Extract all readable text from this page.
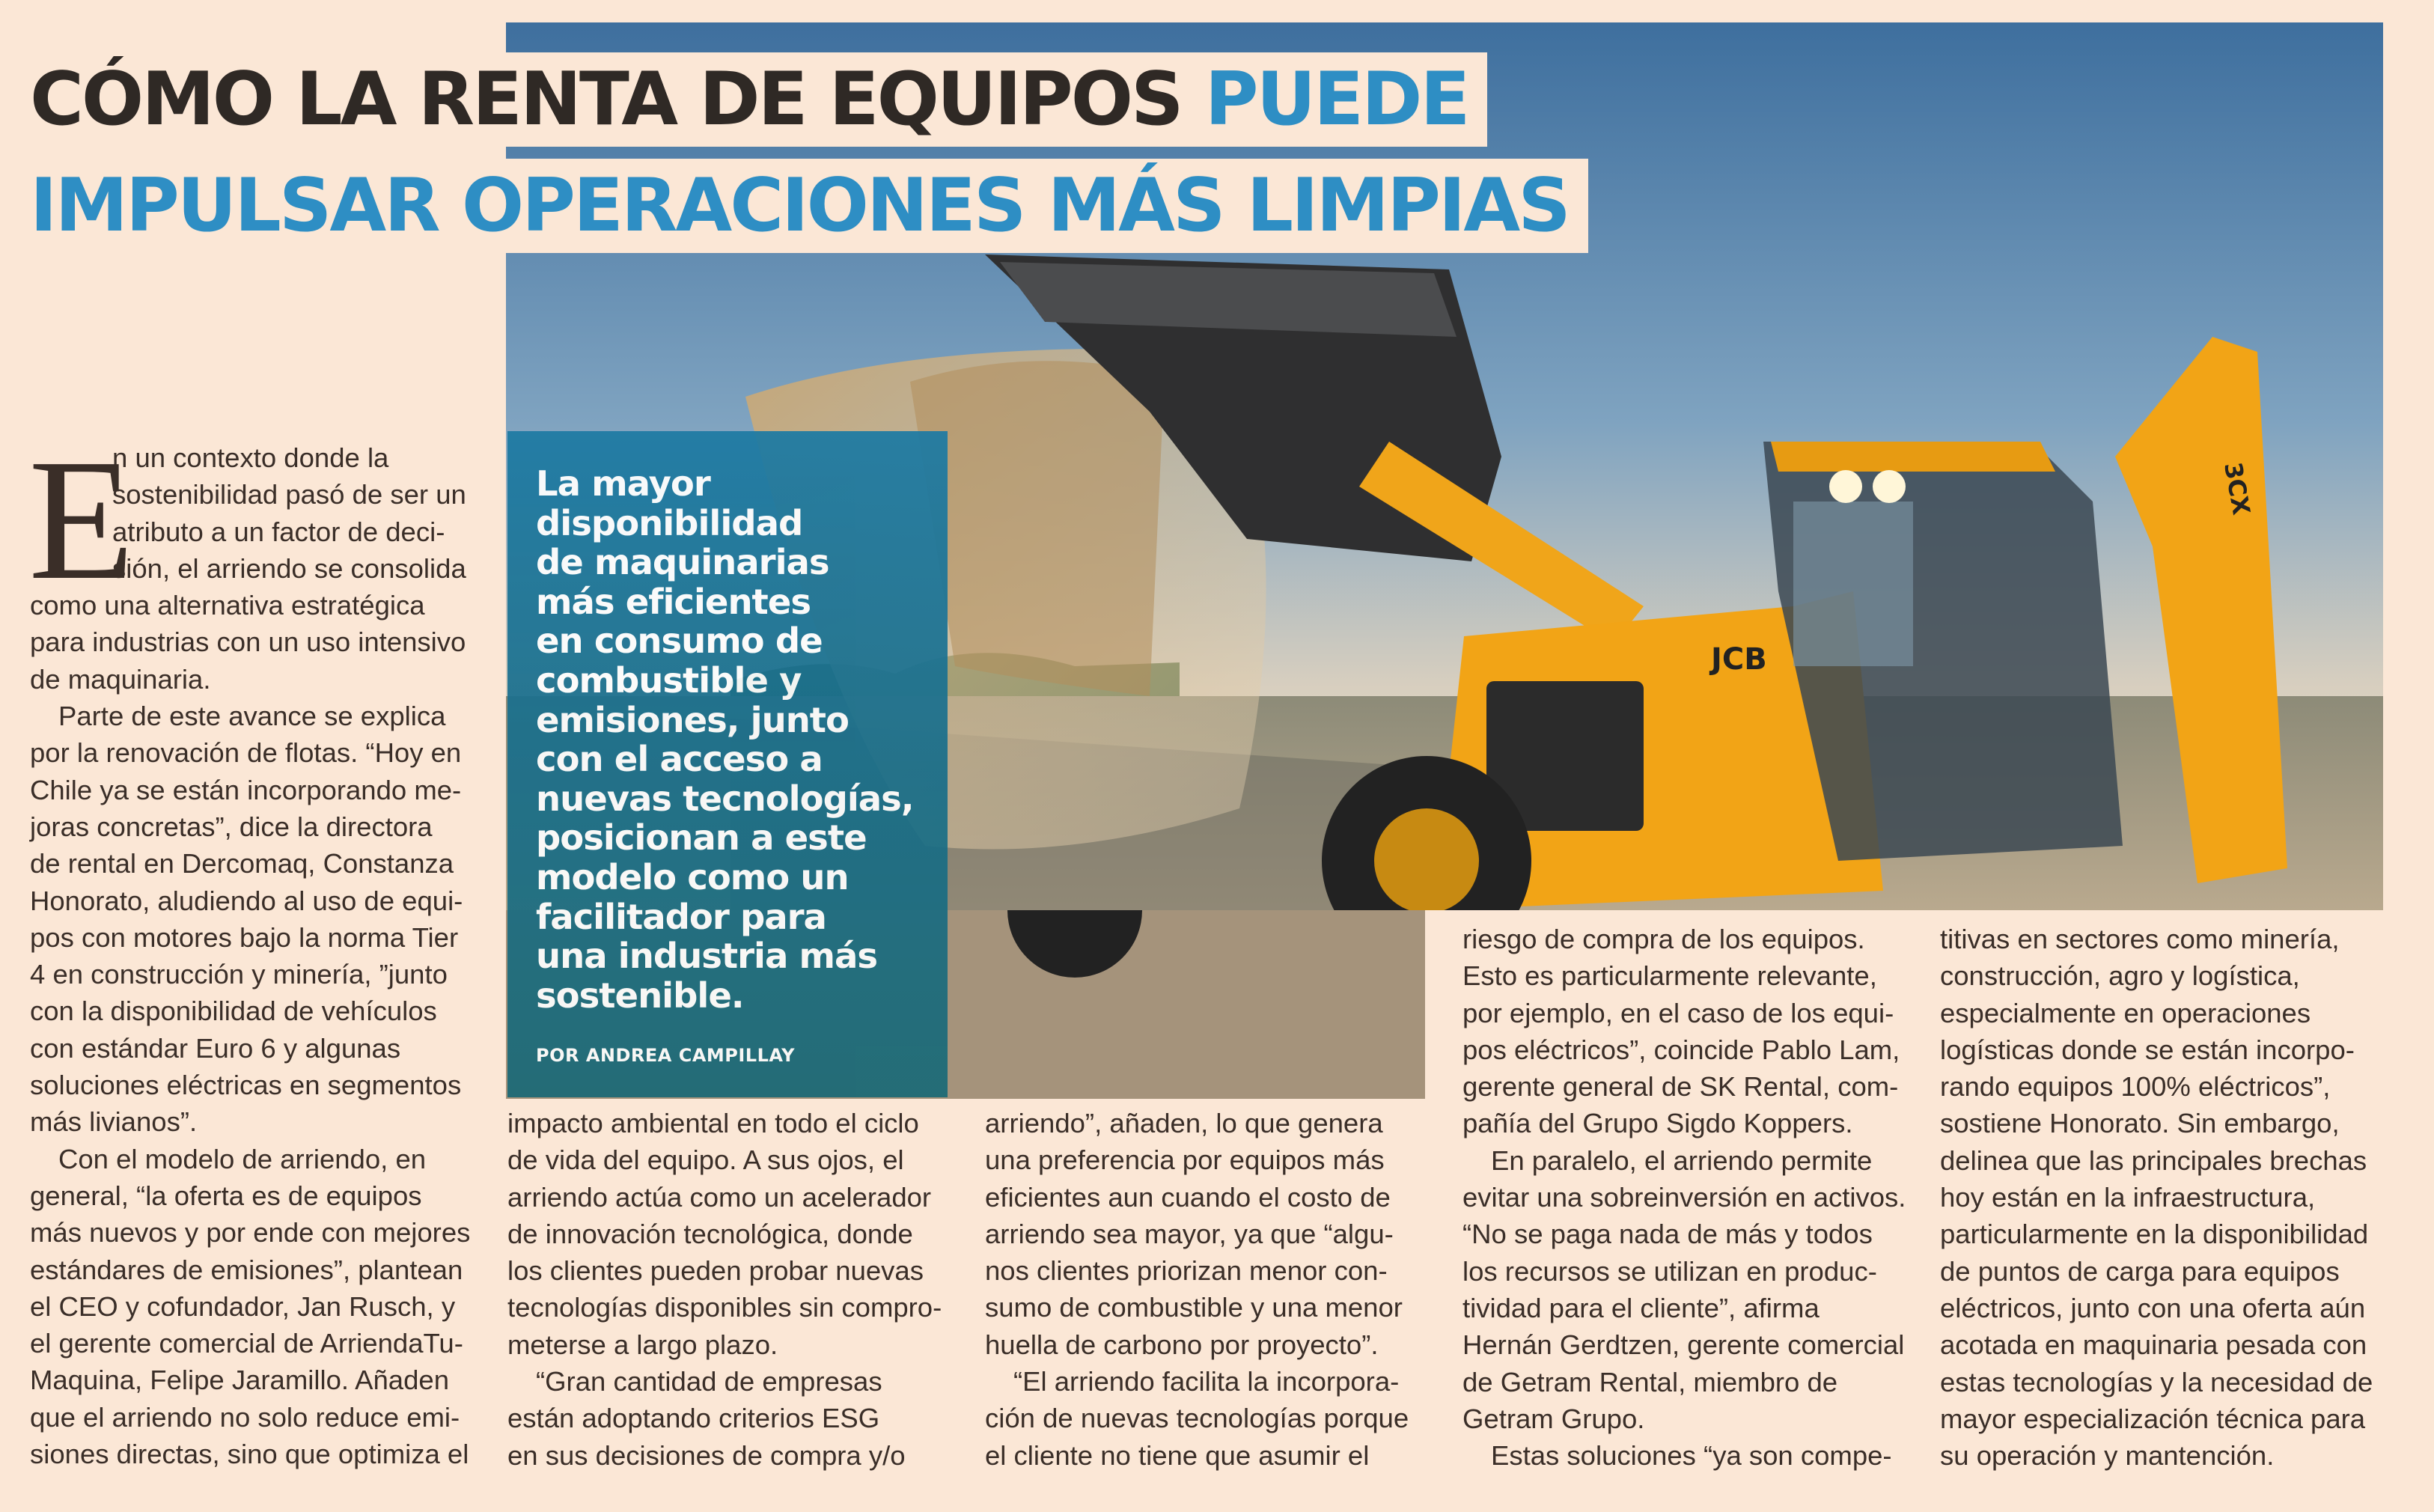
JCB
3CX
CÓMO LA RENTA DE EQUIPOS PUEDE
IMPULSAR OPERACIONES MÁS LIMPIAS

La mayor

disponibilidad

de maquinarias

más eficientes

en consumo de

combustible y

emisiones, junto

con el acceso a

nuevas tecnologías,

posicionan a este

modelo como un

facilitador para

una industria más

sostenible.

POR ANDREA CAMPILLAY
E

n un contexto donde la

sostenibilidad pasó de ser un

atributo a un factor de deci-

sión, el arriendo se consolida

como una alternativa estratégica

para industrias con un uso intensivo

de maquinaria.

Parte de este avance se explica

por la renovación de flotas. “Hoy en

Chile ya se están incorporando me-

joras concretas”, dice la directora

de rental en Dercomaq, Constanza

Honorato, aludiendo al uso de equi-

pos con motores bajo la norma Tier

4 en construcción y minería, ”junto

con la disponibilidad de vehículos

con estándar Euro 6 y algunas

soluciones eléctricas en segmentos

más livianos”.

Con el modelo de arriendo, en

general, “la oferta es de equipos

más nuevos y por ende con mejores

estándares de emisiones”, plantean

el CEO y cofundador, Jan Rusch, y

el gerente comercial de ArriendaTu-

Maquina, Felipe Jaramillo. Añaden

que el arriendo no solo reduce emi-

siones directas, sino que optimiza el

impacto ambiental en todo el ciclo

de vida del equipo. A sus ojos, el

arriendo actúa como un acelerador

de innovación tecnológica, donde

los clientes pueden probar nuevas

tecnologías disponibles sin compro-

meterse a largo plazo.

“Gran cantidad de empresas

están adoptando criterios ESG

en sus decisiones de compra y/o

arriendo”, añaden, lo que genera

una preferencia por equipos más

eficientes aun cuando el costo de

arriendo sea mayor, ya que “algu-

nos clientes priorizan menor con-

sumo de combustible y una menor

huella de carbono por proyecto”.

“El arriendo facilita la incorpora-

ción de nuevas tecnologías porque

el cliente no tiene que asumir el

riesgo de compra de los equipos.

Esto es particularmente relevante,

por ejemplo, en el caso de los equi-

pos eléctricos”, coincide Pablo Lam,

gerente general de SK Rental, com-

pañía del Grupo Sigdo Koppers.

En paralelo, el arriendo permite

evitar una sobreinversión en activos.

“No se paga nada de más y todos

los recursos se utilizan en produc-

tividad para el cliente”, afirma

Hernán Gerdtzen, gerente comercial

de Getram Rental, miembro de

Getram Grupo.

Estas soluciones “ya son compe-

titivas en sectores como minería,

construcción, agro y logística,

especialmente en operaciones

logísticas donde se están incorpo-

rando equipos 100% eléctricos”,

sostiene Honorato. Sin embargo,

delinea que las principales brechas

hoy están en la infraestructura,

particularmente en la disponibilidad

de puntos de carga para equipos

eléctricos, junto con una oferta aún

acotada en maquinaria pesada con

estas tecnologías y la necesidad de

mayor especialización técnica para

su operación y mantención.
